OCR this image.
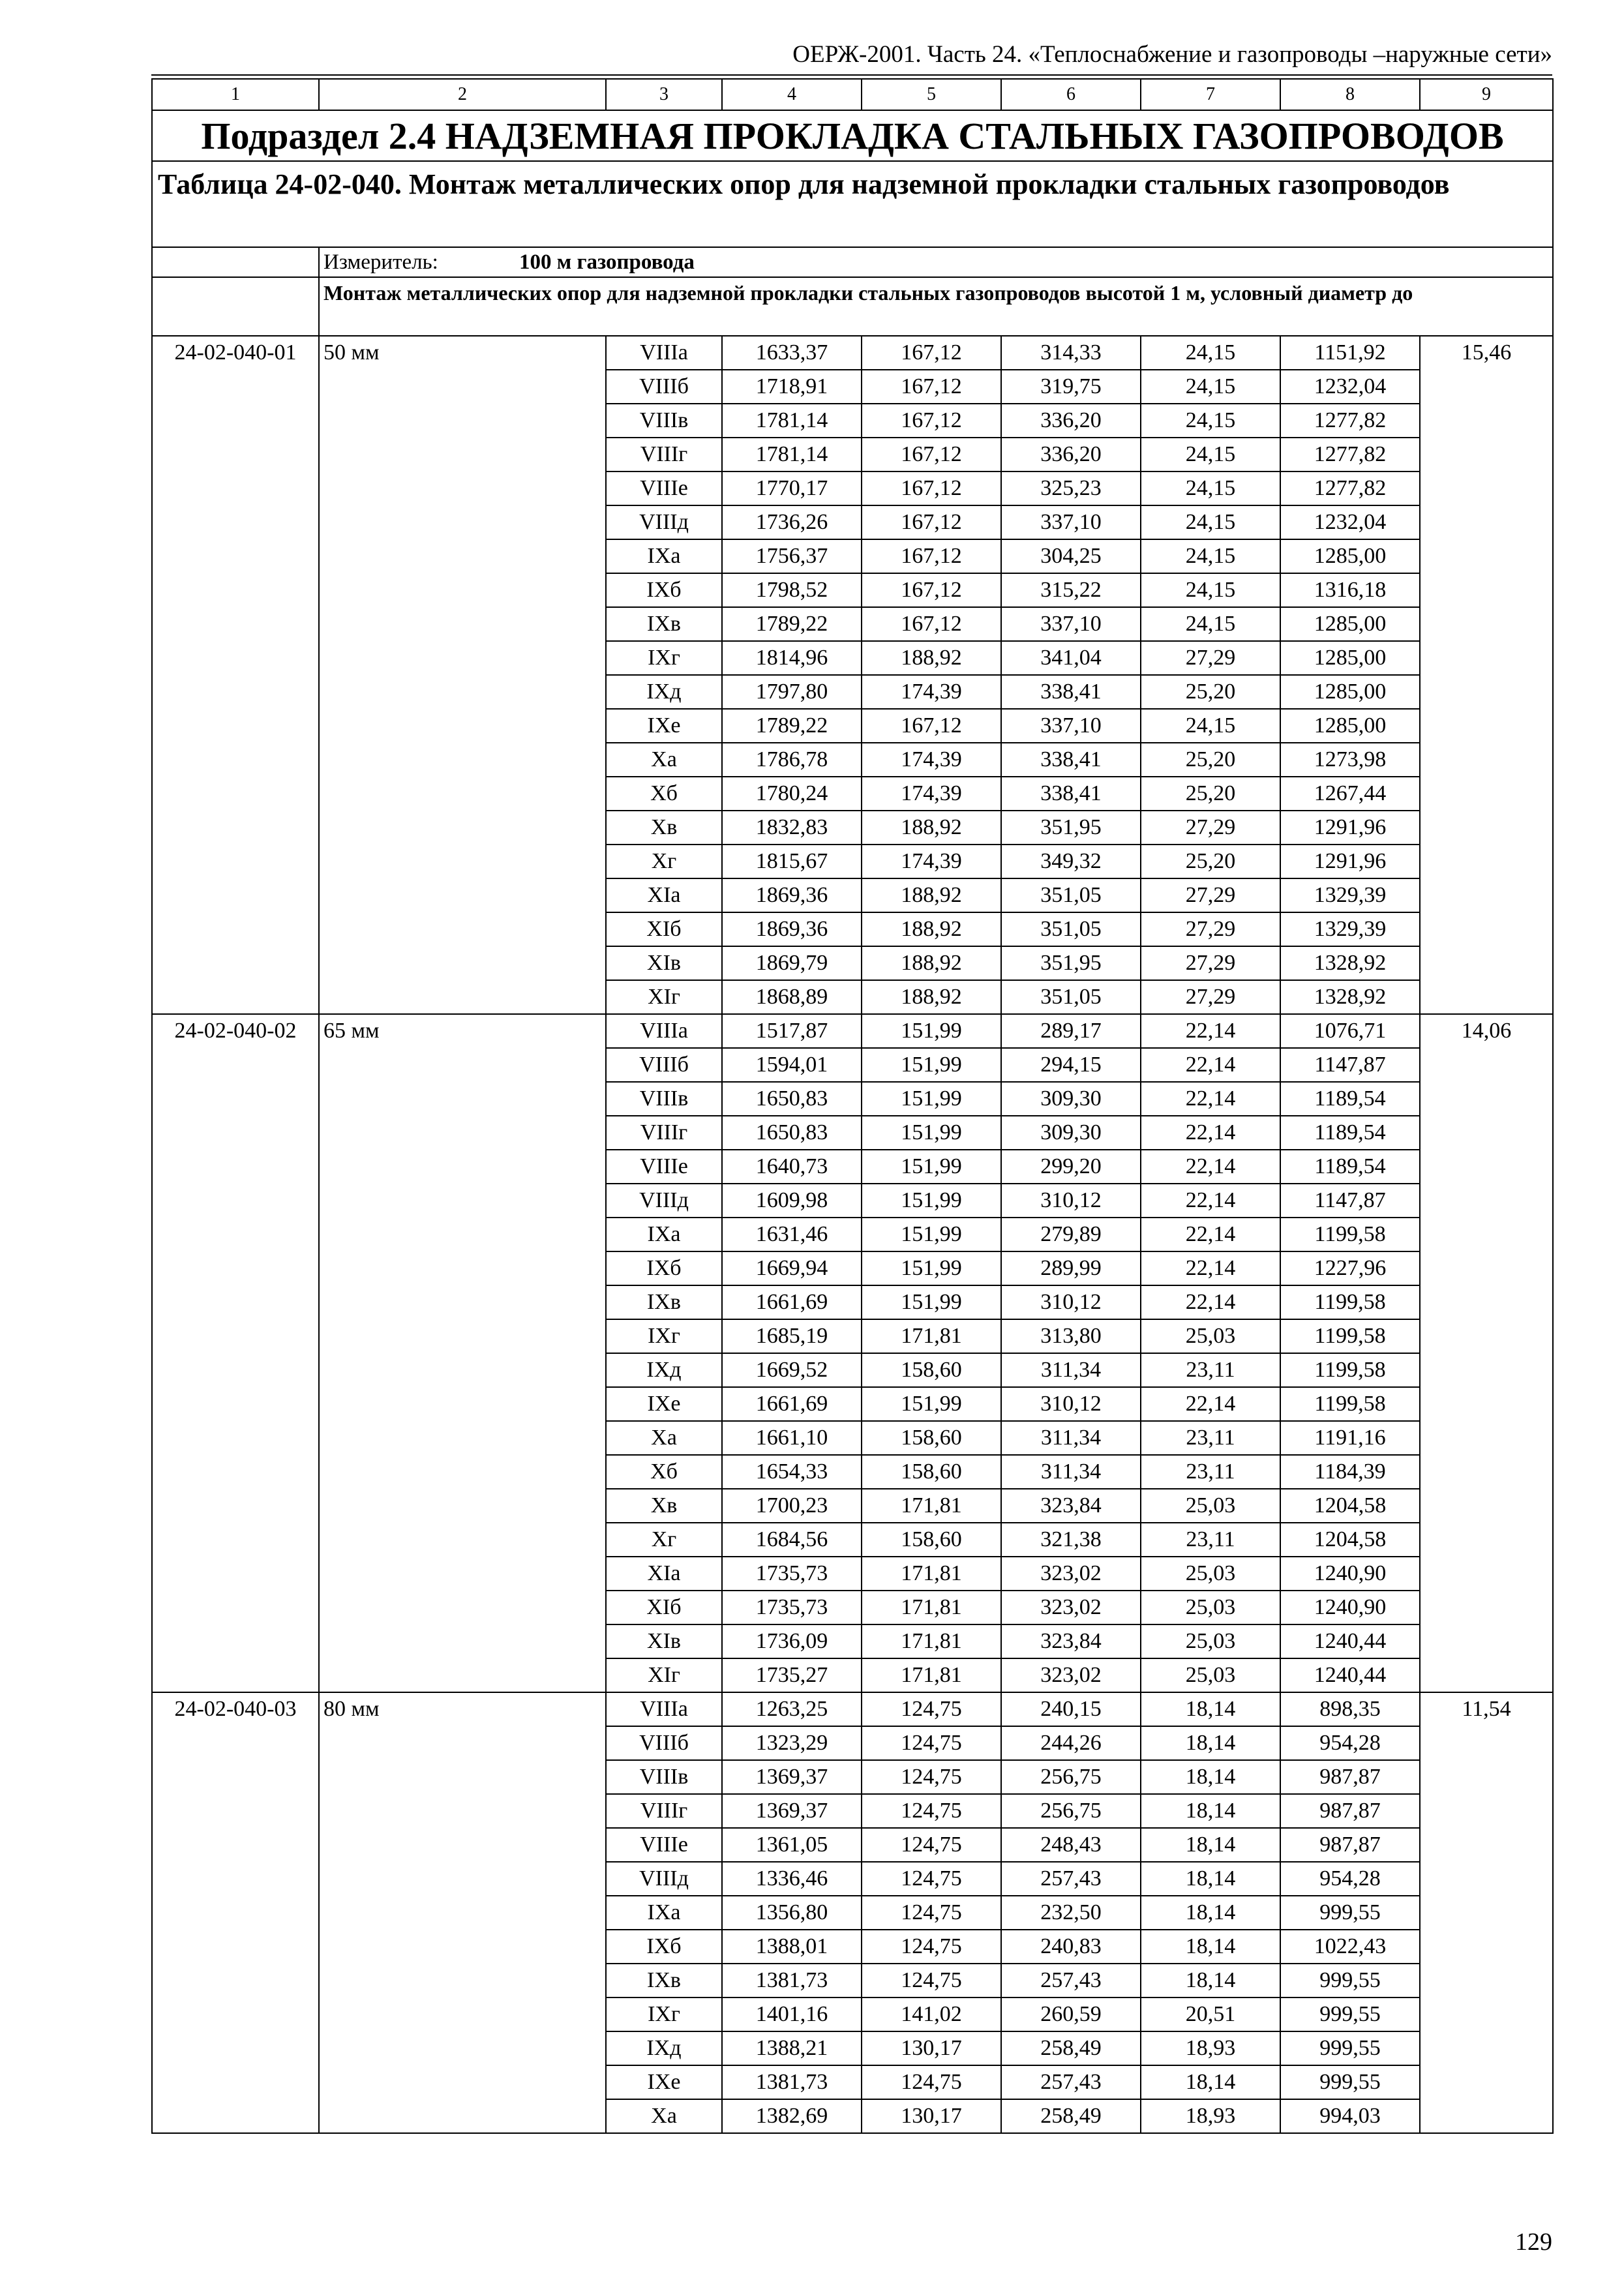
ОЕРЖ-2001. Часть 24. «Теплоснабжение и газопроводы –наружные сети»
1	2	3	4	5	6	7	8	9
Подраздел 2.4 НАДЗЕМНАЯ ПРОКЛАДКА СТАЛЬНЫХ ГАЗОПРОВОДОВ								
Таблица 24-02-040. Монтаж металлических опор для надземной прокладки стальных газопроводов								
	Измеритель: 100 м газопровода							
	Монтаж металлических опор для надземной прокладки стальных газопроводов высотой 1 м, условный диаметр до							
24-02-040-01	50 мм	VIIIа	1633,37	167,12	314,33	24,15	1151,92	15,46
		VIIIб	1718,91	167,12	319,75	24,15	1232,04	
		VIIIв	1781,14	167,12	336,20	24,15	1277,82	
		VIIIг	1781,14	167,12	336,20	24,15	1277,82	
		VIIIе	1770,17	167,12	325,23	24,15	1277,82	
		VIIIд	1736,26	167,12	337,10	24,15	1232,04	
		IXа	1756,37	167,12	304,25	24,15	1285,00	
		IXб	1798,52	167,12	315,22	24,15	1316,18	
		IXв	1789,22	167,12	337,10	24,15	1285,00	
		IXг	1814,96	188,92	341,04	27,29	1285,00	
		IXд	1797,80	174,39	338,41	25,20	1285,00	
		IXе	1789,22	167,12	337,10	24,15	1285,00	
		Xа	1786,78	174,39	338,41	25,20	1273,98	
		Xб	1780,24	174,39	338,41	25,20	1267,44	
		Xв	1832,83	188,92	351,95	27,29	1291,96	
		Xг	1815,67	174,39	349,32	25,20	1291,96	
		XIа	1869,36	188,92	351,05	27,29	1329,39	
		XIб	1869,36	188,92	351,05	27,29	1329,39	
		XIв	1869,79	188,92	351,95	27,29	1328,92	
		XIг	1868,89	188,92	351,05	27,29	1328,92	
24-02-040-02	65 мм	VIIIа	1517,87	151,99	289,17	22,14	1076,71	14,06
		VIIIб	1594,01	151,99	294,15	22,14	1147,87	
		VIIIв	1650,83	151,99	309,30	22,14	1189,54	
		VIIIг	1650,83	151,99	309,30	22,14	1189,54	
		VIIIе	1640,73	151,99	299,20	22,14	1189,54	
		VIIIд	1609,98	151,99	310,12	22,14	1147,87	
		IXа	1631,46	151,99	279,89	22,14	1199,58	
		IXб	1669,94	151,99	289,99	22,14	1227,96	
		IXв	1661,69	151,99	310,12	22,14	1199,58	
		IXг	1685,19	171,81	313,80	25,03	1199,58	
		IXд	1669,52	158,60	311,34	23,11	1199,58	
		IXе	1661,69	151,99	310,12	22,14	1199,58	
		Xа	1661,10	158,60	311,34	23,11	1191,16	
		Xб	1654,33	158,60	311,34	23,11	1184,39	
		Xв	1700,23	171,81	323,84	25,03	1204,58	
		Xг	1684,56	158,60	321,38	23,11	1204,58	
		XIа	1735,73	171,81	323,02	25,03	1240,90	
		XIб	1735,73	171,81	323,02	25,03	1240,90	
		XIв	1736,09	171,81	323,84	25,03	1240,44	
		XIг	1735,27	171,81	323,02	25,03	1240,44	
24-02-040-03	80 мм	VIIIа	1263,25	124,75	240,15	18,14	898,35	11,54
		VIIIб	1323,29	124,75	244,26	18,14	954,28	
		VIIIв	1369,37	124,75	256,75	18,14	987,87	
		VIIIг	1369,37	124,75	256,75	18,14	987,87	
		VIIIе	1361,05	124,75	248,43	18,14	987,87	
		VIIIд	1336,46	124,75	257,43	18,14	954,28	
		IXа	1356,80	124,75	232,50	18,14	999,55	
		IXб	1388,01	124,75	240,83	18,14	1022,43	
		IXв	1381,73	124,75	257,43	18,14	999,55	
		IXг	1401,16	141,02	260,59	20,51	999,55	
		IXд	1388,21	130,17	258,49	18,93	999,55	
		IXе	1381,73	124,75	257,43	18,14	999,55	
		Xа	1382,69	130,17	258,49	18,93	994,03	
129
